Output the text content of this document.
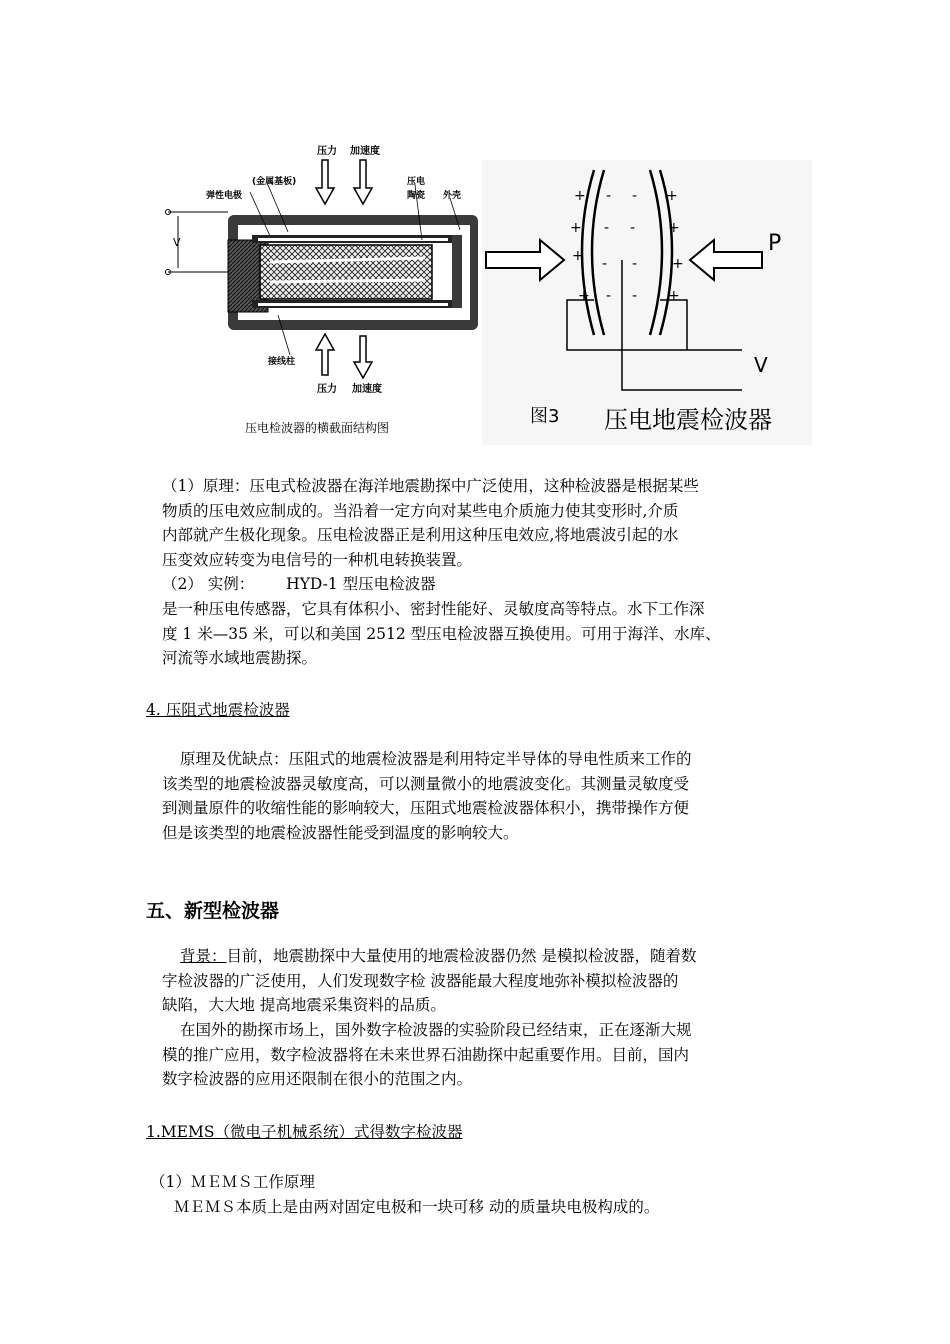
V
压力 加速度
(金属基板)
弹性电极
压电
陶瓷 外壳
接线柱
压力 加速度
压电检波器的横截面结构图
P
+ -
+ -
+ -
+ -
- +
- +
- +
- +
V
图3 压电地震检波器
（1）原理：压电式检波器在海洋地震勘探中广泛使用，这种检波器是根据某些
物质的压电效应制成的。当沿着一定方向对某些电介质施力使其变形时,介质
内部就产生极化现象。压电检波器正是利用这种压电效应,将地震波引起的水
压变效应转变为电信号的一种机电转换装置。
（2） 实例： HYD-1 型压电检波器
是一种压电传感器，它具有体积小、密封性能好、灵敏度高等特点。水下工作深
度 1 米—35 米，可以和美国 2512 型压电检波器互换使用。可用于海洋、水库、
河流等水域地震勘探。
4. 压阻式地震检波器
原理及优缺点：压阻式的地震检波器是利用特定半导体的导电性质来工作的
该类型的地震检波器灵敏度高，可以测量微小的地震波变化。其测量灵敏度受
到测量原件的收缩性能的影响较大，压阻式地震检波器体积小，携带操作方便
但是该类型的地震检波器性能受到温度的影响较大。
五、新型检波器
背景：目前，地震勘探中大量使用的地震检波器仍然 是模拟检波器，随着数
字检波器的广泛使用，人们发现数字检 波器能最大程度地弥补模拟检波器的
缺陷，大大地 提高地震采集资料的品质。
在国外的勘探市场上，国外数字检波器的实验阶段已经结束，正在逐渐大规
模的推广应用，数字检波器将在未来世界石油勘探中起重要作用。目前，国内
数字检波器的应用还限制在很小的范围之内。
1.MEMS（微电子机械系统）式得数字检波器
（1）ＭＥＭＳ工作原理
ＭＥＭＳ本质上是由两对固定电极和一块可移 动的质量块电极构成的。
